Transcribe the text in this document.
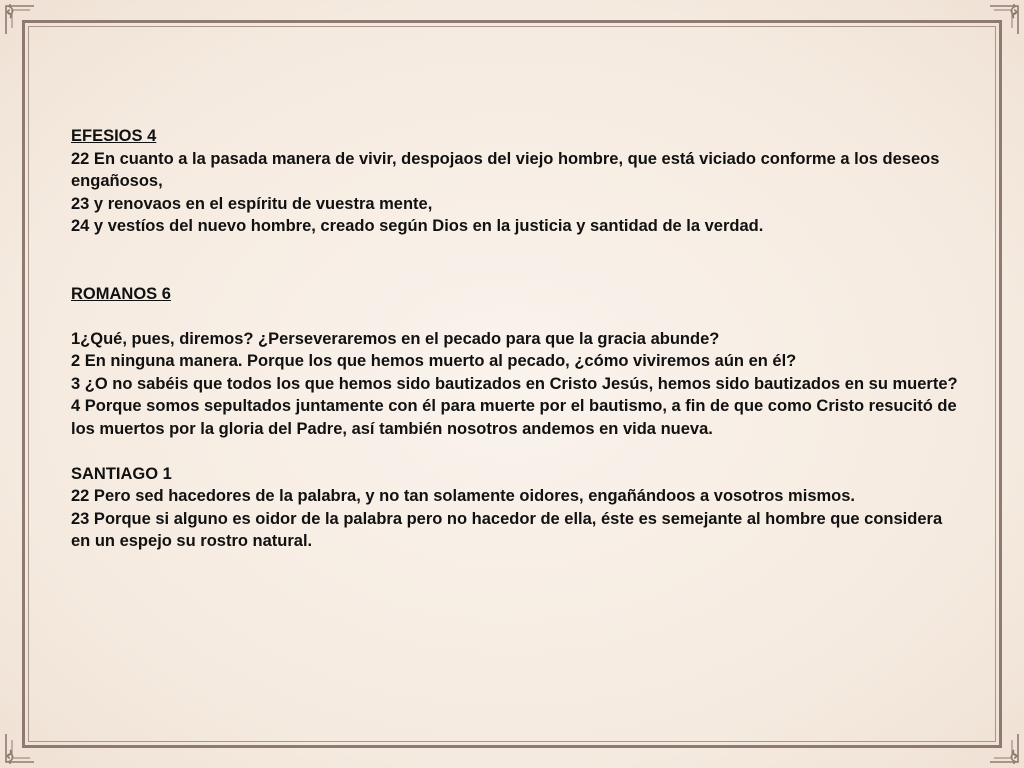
EFESIOS 4

22 En cuanto a la pasada manera de vivir, despojaos del viejo hombre, que está viciado conforme a los deseos engañosos,

23 y renovaos en el espíritu de vuestra mente,

24 y vestíos del nuevo hombre, creado según Dios en la justicia y santidad de la verdad.

ROMANOS 6

1¿Qué, pues, diremos? ¿Perseveraremos en el pecado para que la gracia abunde?

2 En ninguna manera. Porque los que hemos muerto al pecado, ¿cómo viviremos aún en él?

3 ¿O no sabéis que todos los que hemos sido bautizados en Cristo Jesús, hemos sido bautizados en su muerte?

4 Porque somos sepultados juntamente con él para muerte por el bautismo, a fin de que como Cristo resucitó de los muertos por la gloria del Padre, así también nosotros andemos en vida nueva.

SANTIAGO 1

22 Pero sed hacedores de la palabra, y no tan solamente oidores, engañándoos a vosotros mismos.

23 Porque si alguno es oidor de la palabra pero no hacedor de ella, éste es semejante al hombre que considera en un espejo su rostro natural.
